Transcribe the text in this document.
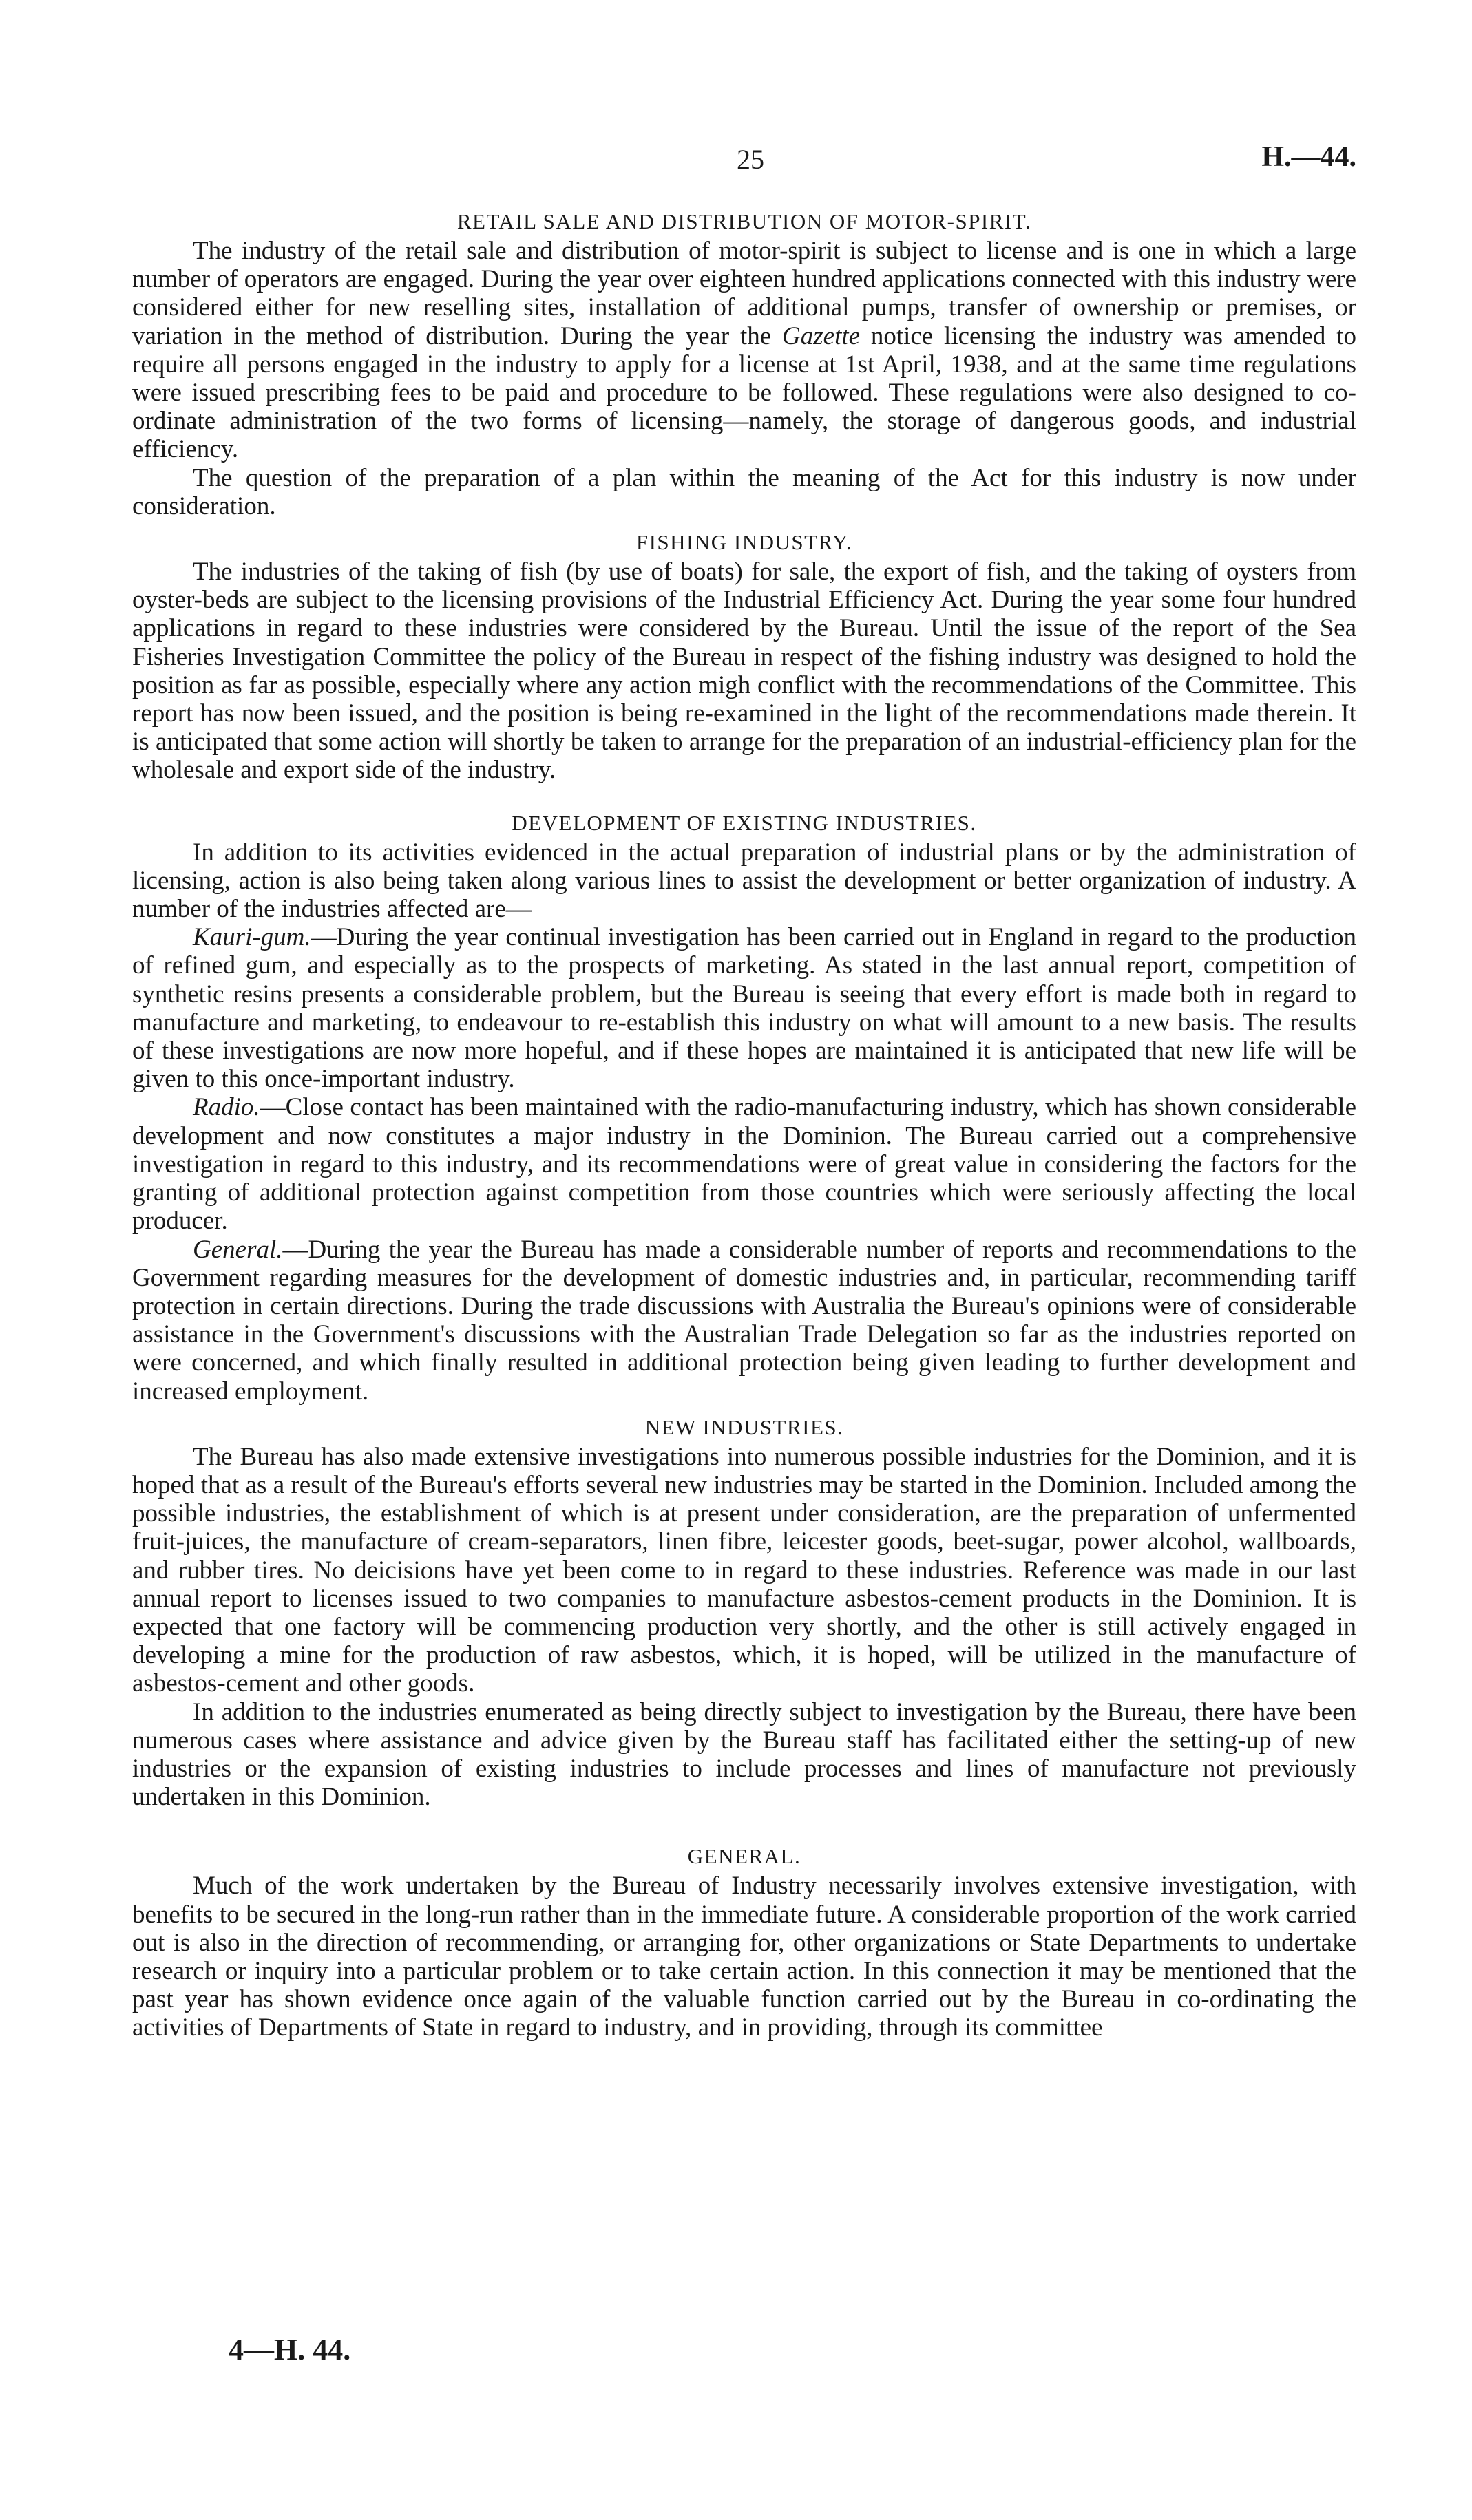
25	H.—44.
RETAIL SALE AND DISTRIBUTION OF MOTOR-SPIRIT.

The industry of the retail sale and distribution of motor-spirit is subject to license and is one in which a large number of operators are engaged. During the year over eighteen hundred applications connected with this industry were considered either for new reselling sites, installation of additional pumps, transfer of ownership or premises, or variation in the method of distribution. During the year the Gazette notice licensing the industry was amended to require all persons engaged in the industry to apply for a license at 1st April, 1938, and at the same time regulations were issued prescribing fees to be paid and procedure to be followed. These regulations were also designed to co-ordinate administration of the two forms of licensing—namely, the storage of dangerous goods, and industrial efficiency.

The question of the preparation of a plan within the meaning of the Act for this industry is now under consideration.

FISHING INDUSTRY.

The industries of the taking of fish (by use of boats) for sale, the export of fish, and the taking of oysters from oyster-beds are subject to the licensing provisions of the Industrial Efficiency Act. During the year some four hundred applications in regard to these industries were considered by the Bureau. Until the issue of the report of the Sea Fisheries Investigation Committee the policy of the Bureau in respect of the fishing industry was designed to hold the position as far as possible, especially where any action migh conflict with the recommendations of the Committee. This report has now been issued, and the position is being re-examined in the light of the recommendations made therein. It is anticipated that some action will shortly be taken to arrange for the preparation of an industrial-efficiency plan for the wholesale and export side of the industry.

DEVELOPMENT OF EXISTING INDUSTRIES.

In addition to its activities evidenced in the actual preparation of industrial plans or by the administration of licensing, action is also being taken along various lines to assist the development or better organization of industry. A number of the industries affected are—

Kauri-gum.—During the year continual investigation has been carried out in England in regard to the production of refined gum, and especially as to the prospects of marketing. As stated in the last annual report, competition of synthetic resins presents a considerable problem, but the Bureau is seeing that every effort is made both in regard to manufacture and marketing, to endeavour to re-establish this industry on what will amount to a new basis. The results of these investigations are now more hopeful, and if these hopes are maintained it is anticipated that new life will be given to this once-important industry.

Radio.—Close contact has been maintained with the radio-manufacturing industry, which has shown considerable development and now constitutes a major industry in the Dominion. The Bureau carried out a comprehensive investigation in regard to this industry, and its recommendations were of great value in considering the factors for the granting of additional protection against competition from those countries which were seriously affecting the local producer.

General.—During the year the Bureau has made a considerable number of reports and recommendations to the Government regarding measures for the development of domestic industries and, in particular, recommending tariff protection in certain directions. During the trade discussions with Australia the Bureau's opinions were of considerable assistance in the Government's discussions with the Australian Trade Delegation so far as the industries reported on were concerned, and which finally resulted in additional protection being given leading to further development and increased employment.

NEW INDUSTRIES.

The Bureau has also made extensive investigations into numerous possible industries for the Dominion, and it is hoped that as a result of the Bureau's efforts several new industries may be started in the Dominion. Included among the possible industries, the establishment of which is at present under consideration, are the preparation of unfermented fruit-juices, the manufacture of cream-separators, linen fibre, leicester goods, beet-sugar, power alcohol, wallboards, and rubber tires. No deicisions have yet been come to in regard to these industries. Reference was made in our last annual report to licenses issued to two companies to manufacture asbestos-cement products in the Dominion. It is expected that one factory will be commencing production very shortly, and the other is still actively engaged in developing a mine for the production of raw asbestos, which, it is hoped, will be utilized in the manufacture of asbestos-cement and other goods.

In addition to the industries enumerated as being directly subject to investigation by the Bureau, there have been numerous cases where assistance and advice given by the Bureau staff has facilitated either the setting-up of new industries or the expansion of existing industries to include processes and lines of manufacture not previously undertaken in this Dominion.

GENERAL.

Much of the work undertaken by the Bureau of Industry necessarily involves extensive investigation, with benefits to be secured in the long-run rather than in the immediate future. A considerable proportion of the work carried out is also in the direction of recommending, or arranging for, other organizations or State Departments to undertake research or inquiry into a particular problem or to take certain action. In this connection it may be mentioned that the past year has shown evidence once again of the valuable function carried out by the Bureau in co-ordinating the activities of Departments of State in regard to industry, and in providing, through its committee

4—H. 44.
